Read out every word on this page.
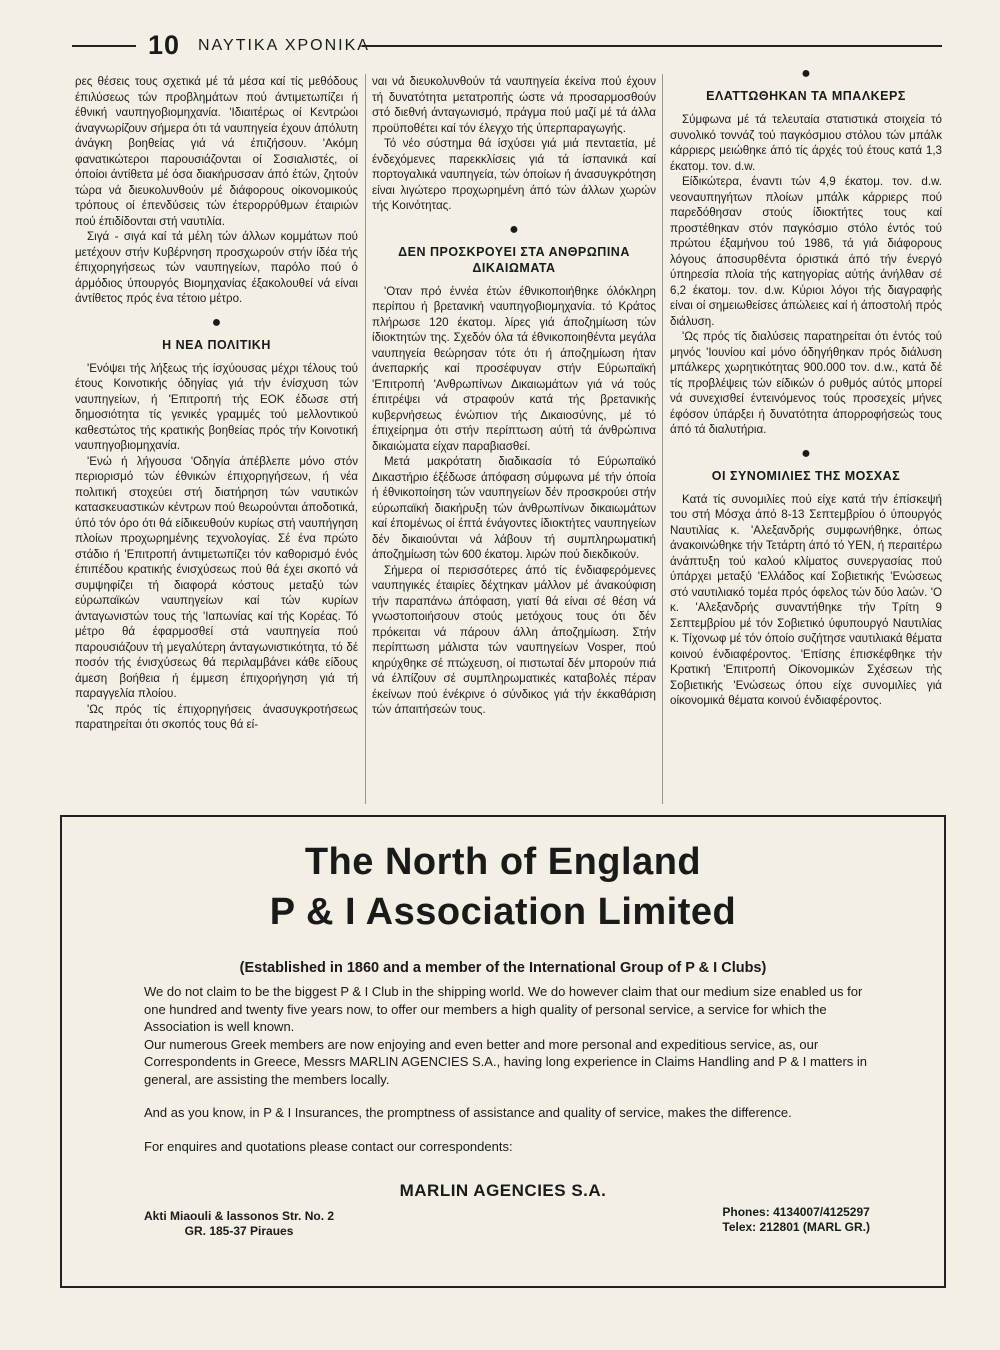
10 ΝΑΥΤΙΚΑ ΧΡΟΝΙΚΑ

ρες θέσεις τους σχετικά μέ τά μέσα καί τίς μεθόδους έπιλύσεως τών προβλημάτων πού άντιμετωπίζει ή έθνική ναυπηγοβιομηχανία. 'Ιδιαιτέρως οί Κεντρώοι άναγνωρίζουν σήμερα ότι τά ναυπηγεία έχουν άπόλυτη άνάγκη βοηθείας γιά νά έπιζήσουν. 'Ακόμη φανατικώτεροι παρουσιάζονται οί Σοσιαλιστές, οί όποίοι άντίθετα μέ όσα διακήρυσσαν άπό έτών, ζητούν τώρα νά διευκολυνθούν μέ διάφορους οίκονομικούς τρόπους οί έπενδύσεις τών έτερορρύθμων έταιριών πού έπιδίδονται στή ναυτιλία.

Σιγά - σιγά καί τά μέλη τών άλλων κομμάτων πού μετέχουν στήν Κυβέρνηση προσχωρούν στήν ίδέα τής έπιχορηγήσεως τών ναυπηγείων, παρόλο πού ό άρμόδιος ύπουργός Βιομηχανίας έξακολουθεί νά είναι άντίθετος πρός ένα τέτοιο μέτρο.

●
Η ΝΕΑ ΠΟΛΙΤΙΚΗ

'Ενόψει τής λήξεως τής ίσχύουσας μέχρι τέλους τού έτους Κοινοτικής όδηγίας γιά τήν ένίσχυση τών ναυπηγείων, ή 'Επιτροπή τής ΕΟΚ έδωσε στή δημοσιότητα τίς γενικές γραμμές τού μελλοντικού καθεστώτος τής κρατικής βοηθείας πρός τήν Κοινοτική ναυπηγοβιομηχανία.

'Ενώ ή λήγουσα 'Οδηγία άπέβλεπε μόνο στόν περιορισμό τών έθνικών έπιχορηγήσεων, ή νέα πολιτική στοχεύει στή διατήρηση τών ναυτικών κατασκευαστικών κέντρων πού θεωρούνται άποδοτικά, ύπό τόν όρο ότι θά είδικευθούν κυρίως στή ναυπήγηση πλοίων προχωρημένης τεχνολογίας. Σέ ένα πρώτο στάδιο ή 'Επιτροπή άντιμετωπίζει τόν καθορισμό ένός έπιπέδου κρατικής ένισχύσεως πού θά έχει σκοπό νά συμψηφίζει τή διαφορά κόστους μεταξύ τών εύρωπαϊκών ναυπηγείων καί τών κυρίων άνταγωνιστών τους τής 'Ιαπωνίας καί τής Κορέας. Τό μέτρο θά έφαρμοσθεί στά ναυπηγεία πού παρουσιάζουν τή μεγαλύτερη άνταγωνιστικότητα, τό δέ ποσόν τής ένισχύσεως θά περιλαμβάνει κάθε είδους άμεση βοήθεια ή έμμεση έπιχορήγηση γιά τή παραγγελία πλοίου.

'Ως πρός τίς έπιχορηγήσεις άνασυγκροτήσεως παρατηρείται ότι σκοπός τους θά εί-

ναι νά διευκολυνθούν τά ναυπηγεία έκείνα πού έχουν τή δυνατότητα μετατροπής ώστε νά προσαρμοσθούν στό διεθνή άνταγωνισμό, πράγμα πού μαζί μέ τά άλλα προϋποθέτει καί τόν έλεγχο τής ύπερπαραγωγής.

Τό νέο σύστημα θά ίσχύσει γιά μιά πενταετία, μέ ένδεχόμενες παρεκκλίσεις γιά τά ίσπανικά καί πορτογαλικά ναυπηγεία, τών όποίων ή άνασυγκρότηση είναι λιγώτερο προχωρημένη άπό τών άλλων χωρών τής Κοινότητας.

●
ΔΕΝ ΠΡΟΣΚΡΟΥΕΙ ΣΤΑ ΑΝΘΡΩΠΙΝΑ ΔΙΚΑΙΩΜΑΤΑ

'Οταν πρό έννέα έτών έθνικοποιήθηκε όλόκληρη περίπου ή βρετανική ναυπηγοβιομηχανία. τό Κράτος πλήρωσε 120 έκατομ. λίρες γιά άποζημίωση τών ίδιοκτητών της. Σχεδόν όλα τά έθνικοποιηθέντα μεγάλα ναυπηγεία θεώρησαν τότε ότι ή άποζημίωση ήταν άνεπαρκής καί προσέφυγαν στήν Εύρωπαϊκή 'Επιτροπή 'Ανθρωπίνων Δικαιωμάτων γιά νά τούς έπιτρέψει νά στραφούν κατά τής βρετανικής κυβερνήσεως ένώπιον τής Δικαιοσύνης, μέ τό έπιχείρημα ότι στήν περίπτωση αύτή τά άνθρώπινα δικαιώματα είχαν παραβιασθεί.

Μετά μακρότατη διαδικασία τό Εύρωπαϊκό Δικαστήριο έξέδωσε άπόφαση σύμφωνα μέ τήν όποία ή έθνικοποίηση τών ναυπηγείων δέν προσκρούει στήν εύρωπαϊκή διακήρυξη τών άνθρωπίνων δικαιωμάτων καί έπομένως οί έπτά ένάγοντες ίδιοκτήτες ναυπηγείων δέν δικαιούνται νά λάβουν τή συμπληρωματική άποζημίωση τών 600 έκατομ. λιρών πού διεκδικούν.

Σήμερα οί περισσότερες άπό τίς ένδιαφερόμενες ναυπηγικές έταιρίες δέχτηκαν μάλλον μέ άνακούφιση τήν παραπάνω άπόφαση, γιατί θά είναι σέ θέση νά γνωστοποιήσουν στούς μετόχους τους ότι δέν πρόκειται νά πάρουν άλλη άποζημίωση. Στήν περίπτωση μάλιστα τών ναυπηγείων Vosper, πού κηρύχθηκε σέ πτώχευση, οί πιστωταί δέν μπορούν πιά νά έλπίζουν σέ συμπληρωματικές καταβολές πέραν έκείνων πού ένέκρινε ό σύνδικος γιά τήν έκκαθάριση τών άπαιτήσεών τους.

●
ΕΛΑΤΤΩΘΗΚΑΝ ΤΑ ΜΠΑΛΚΕΡΣ

Σύμφωνα μέ τά τελευταία στατιστικά στοιχεία τό συνολικό τοννάζ τού παγκόσμιου στόλου τών μπάλκ κάρριερς μειώθηκε άπό τίς άρχές τού έτους κατά 1,3 έκατομ. τον. d.w.

Είδικώτερα, έναντι τών 4,9 έκατομ. τον. d.w. νεοναυπηγήτων πλοίων μπάλκ κάρριερς πού παρεδόθησαν στούς ίδιοκτήτες τους καί προστέθηκαν στόν παγκόσμιο στόλο έντός τού πρώτου έξαμήνου τού 1986, τά γιά διάφορους λόγους άποσυρθέντα όριστικά άπό τήν ένεργό ύπηρεσία πλοία τής κατηγορίας αύτής άνήλθαν σέ 6,2 έκατομ. τον. d.w. Κύριοι λόγοι τής διαγραφής είναι οί σημειωθείσες άπώλειες καί ή άποστολή πρός διάλυση.

'Ως πρός τίς διαλύσεις παρατηρείται ότι έντός τού μηνός 'Ιουνίου καί μόνο όδηγήθηκαν πρός διάλυση μπάλκερς χωρητικότητας 900.000 τον. d.w., κατά δέ τίς προβλέψεις τών είδικών ό ρυθμός αύτός μπορεί νά συνεχισθεί έντεινόμενος τούς προσεχείς μήνες έφόσον ύπάρξει ή δυνατότητα άπορροφήσεώς τους άπό τά διαλυτήρια.

●
ΟΙ ΣΥΝΟΜΙΛΙΕΣ ΤΗΣ ΜΟΣΧΑΣ

Κατά τίς συνομιλίες πού είχε κατά τήν έπίσκεψή του στή Μόσχα άπό 8-13 Σεπτεμβρίου ό ύπουργός Ναυτιλίας κ. 'Αλεξανδρής συμφωνήθηκε, όπως άνακοινώθηκε τήν Τετάρτη άπό τό ΥΕΝ, ή περαιτέρω άνάπτυξη τού καλού κλίματος συνεργασίας πού ύπάρχει μεταξύ 'Ελλάδος καί Σοβιετικής 'Ενώσεως στό ναυτιλιακό τομέα πρός όφελος τών δύο λαών. 'Ο κ. 'Αλεξανδρής συναντήθηκε τήν Τρίτη 9 Σεπτεμβρίου μέ τόν Σοβιετικό ύφυπουργό Ναυτιλίας κ. Τίχονωφ μέ τόν όποίο συζήτησε ναυτιλιακά θέματα κοινού ένδιαφέροντος. 'Επίσης έπισκέφθηκε τήν Κρατική 'Επιτροπή Οίκονομικών Σχέσεων τής Σοβιετικής 'Ενώσεως όπου είχε συνομιλίες γιά οίκονομικά θέματα κοινού ένδιαφέροντος.

The North of England
P & I Association Limited
(Established in 1860 and a member of the International Group of P & I Clubs)

We do not claim to be the biggest P & I Club in the shipping world. We do however claim that our medium size enabled us for one hundred and twenty five years now, to offer our members a high quality of personal service, a service for which the Association is well known.

Our numerous Greek members are now enjoying and even better and more personal and expeditious service, as, our Correspondents in Greece, Messrs MARLIN AGENCIES S.A., having long experience in Claims Handling and P & I matters in general, are assisting the members locally.

And as you know, in P & I Insurances, the promptness of assistance and quality of service, makes the difference.

For enquires and quotations please contact our correspondents:

MARLIN AGENCIES S.A.
Akti Miaouli & lassonos Str. No. 2
GR. 185-37 Piraues
Phones: 4134007/4125297
Telex: 212801 (MARL GR.)
